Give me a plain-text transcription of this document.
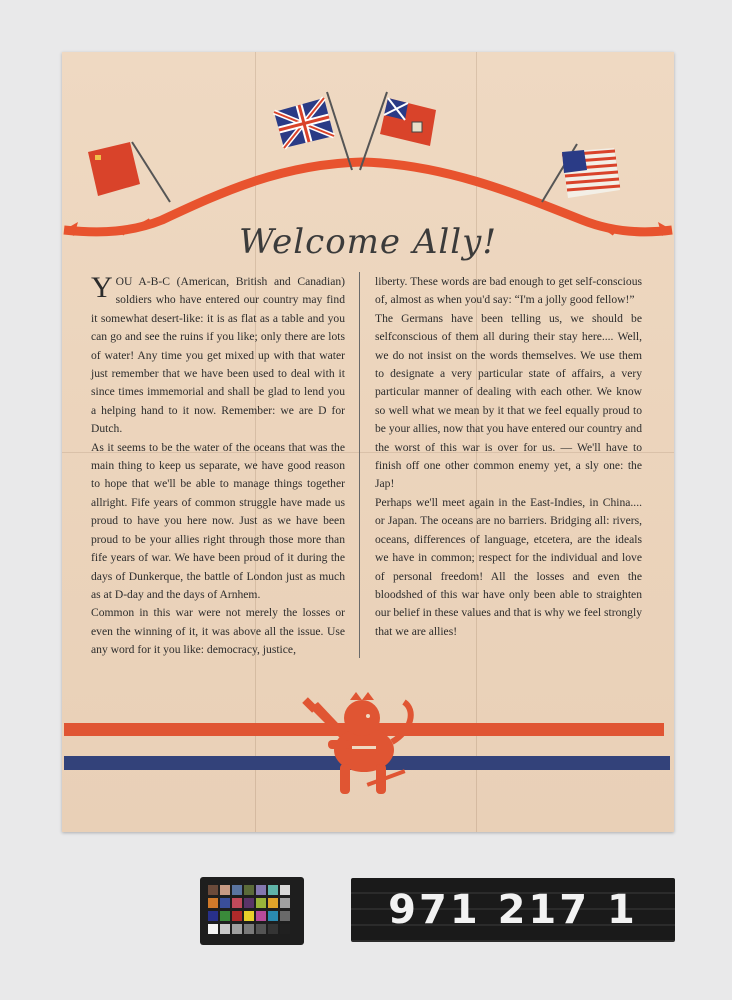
Welcome Ally!

YOU A-B-C (American, British and Canadian) soldiers who have entered our country may find it somewhat desert-like: it is as flat as a table and you can go and see the ruins if you like; only there are lots of water! Any time you get mixed up with that water just remember that we have been used to deal with it since times immemorial and shall be glad to lend you a helping hand to it now. Remember: we are D for Dutch.

As it seems to be the water of the oceans that was the main thing to keep us separate, we have good reason to hope that we'll be able to manage things together allright. Fife years of common struggle have made us proud to have you here now. Just as we have been proud to be your allies right through those more than fife years of war. We have been proud of it during the days of Dunkerque, the battle of London just as much as at D-day and the days of Arnhem.

Common in this war were not merely the losses or even the winning of it, it was above all the issue. Use any word for it you like: democracy, justice,

liberty. These words are bad enough to get self-conscious of, almost as when you'd say: “I'm a jolly good fellow!”

The Germans have been telling us, we should be selfconscious of them all during their stay here.... Well, we do not insist on the words themselves. We use them to designate a very particular state of affairs, a very particular manner of dealing with each other. We know so well what we mean by it that we feel equally proud to be your allies, now that you have entered our country and the worst of this war is over for us. — We'll have to finish off one other common enemy yet, a sly one: the Jap!

Perhaps we'll meet again in the East-Indies, in China.... or Japan. The oceans are no barriers. Bridging all: rivers, oceans, differences of language, etcetera, are the ideals we have in common; respect for the individual and love of personal freedom! All the losses and even the bloodshed of this war have only been able to straighten our belief in these values and that is why we feel strongly that we are allies!

971 217 1
